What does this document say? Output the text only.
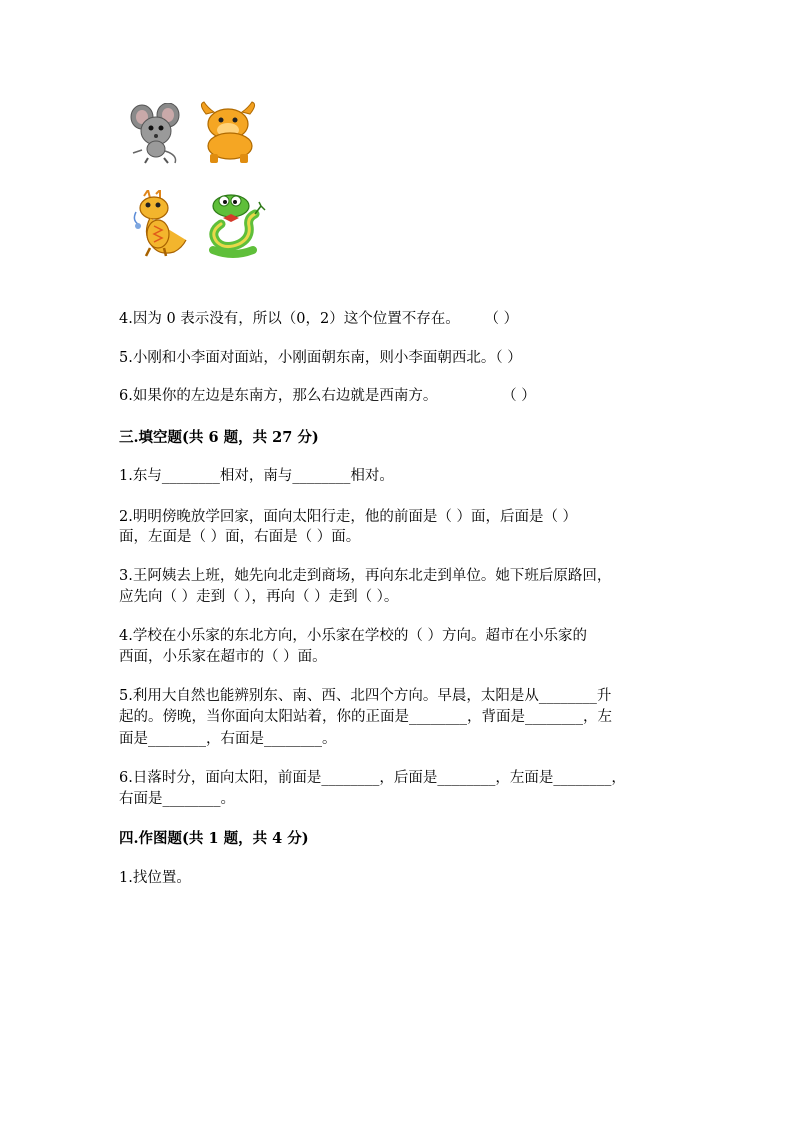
4.因为 0 表示没有，所以（0，2）这个位置不存在。 （ ）
5.小刚和小李面对面站，小刚面朝东南，则小李面朝西北。（ ）
6.如果你的左边是东南方，那么右边就是西南方。	（ ）
三.填空题(共 6 题，共 27 分)
1.东与________相对，南与________相对。
2.明明傍晚放学回家，面向太阳行走，他的前面是（ ）面，后面是（ ）
面，左面是（ ）面，右面是（ ）面。
3.王阿姨去上班，她先向北走到商场，再向东北走到单位。她下班后原路回，
应先向（ ）走到（ ），再向（ ）走到（ ）。
4.学校在小乐家的东北方向，小乐家在学校的（ ）方向。超市在小乐家的
西面，小乐家在超市的（ ）面。
5.利用大自然也能辨别东、南、西、北四个方向。早晨，太阳是从________升
起的。傍晚，当你面向太阳站着，你的正面是________，背面是________，左
面是________，右面是________。
6.日落时分，面向太阳，前面是________，后面是________，左面是________，
右面是________。
四.作图题(共 1 题，共 4 分)
1.找位置。
